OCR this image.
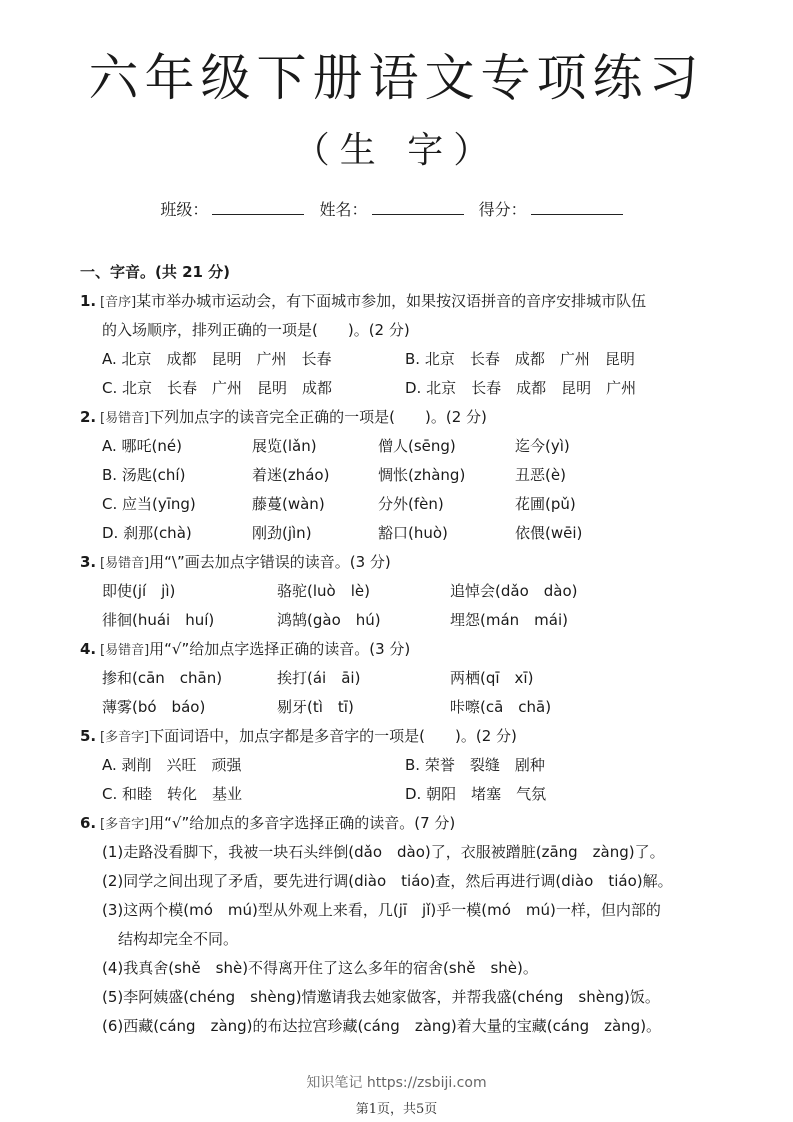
六年级下册语文专项练习
（生 字）
班级：	姓名：	得分：
一、字音。(共 21 分)
1. [音序]某市举办城市运动会，有下面城市参加，如果按汉语拼音的音序安排城市队伍
的入场顺序，排列正确的一项是(　　)。(2 分)
A. 北京　成都　昆明　广州　长春	B. 北京　长春　成都　广州　昆明
C. 北京　长春　广州　昆明　成都	D. 北京　长春　成都　昆明　广州
2. [易错音]下列加点字的读音完全正确的一项是(　　)。(2 分)
A. 哪吒(né)	展览(lǎn)	僧人(sēng)	迄今(yì)
B. 汤匙(chí)	着迷(zháo)	惆怅(zhàng)	丑恶(è)
C. 应当(yīng)	藤蔓(wàn)	分外(fèn)	花圃(pǔ)
D. 刹那(chà)	刚劲(jìn)	豁口(huò)	依偎(wēi)
3. [易错音]用“\”画去加点字错误的读音。(3 分)
即使(jí　jì)	骆驼(luò　lè)	追悼会(dǎo　dào)
徘徊(huái　huí)	鸿鹄(gào　hú)	埋怨(mán　mái)
4. [易错音]用“√”给加点字选择正确的读音。(3 分)
掺和(cān　chān)	挨打(ái　āi)	两栖(qī　xī)
薄雾(bó　báo)	剔牙(tì　tī)	咔嚓(cā　chā)
5. [多音字]下面词语中，加点字都是多音字的一项是(　　)。(2 分)
A. 剥削　兴旺　顽强	B. 荣誉　裂缝　剧种
C. 和睦　转化　基业	D. 朝阳　堵塞　气氛
6. [多音字]用“√”给加点的多音字选择正确的读音。(7 分)
(1)走路没看脚下，我被一块石头绊倒(dǎo　dào)了，衣服被蹭脏(zāng　zàng)了。
(2)同学之间出现了矛盾，要先进行调(diào　tiáo)查，然后再进行调(diào　tiáo)解。
(3)这两个模(mó　mú)型从外观上来看，几(jī　jǐ)乎一模(mó　mú)一样，但内部的
结构却完全不同。
(4)我真舍(shě　shè)不得离开住了这么多年的宿舍(shě　shè)。
(5)李阿姨盛(chéng　shèng)情邀请我去她家做客，并帮我盛(chéng　shèng)饭。
(6)西藏(cáng　zàng)的布达拉宫珍藏(cáng　zàng)着大量的宝藏(cáng　zàng)。
知识笔记 https://zsbiji.com
第1页，共5页
